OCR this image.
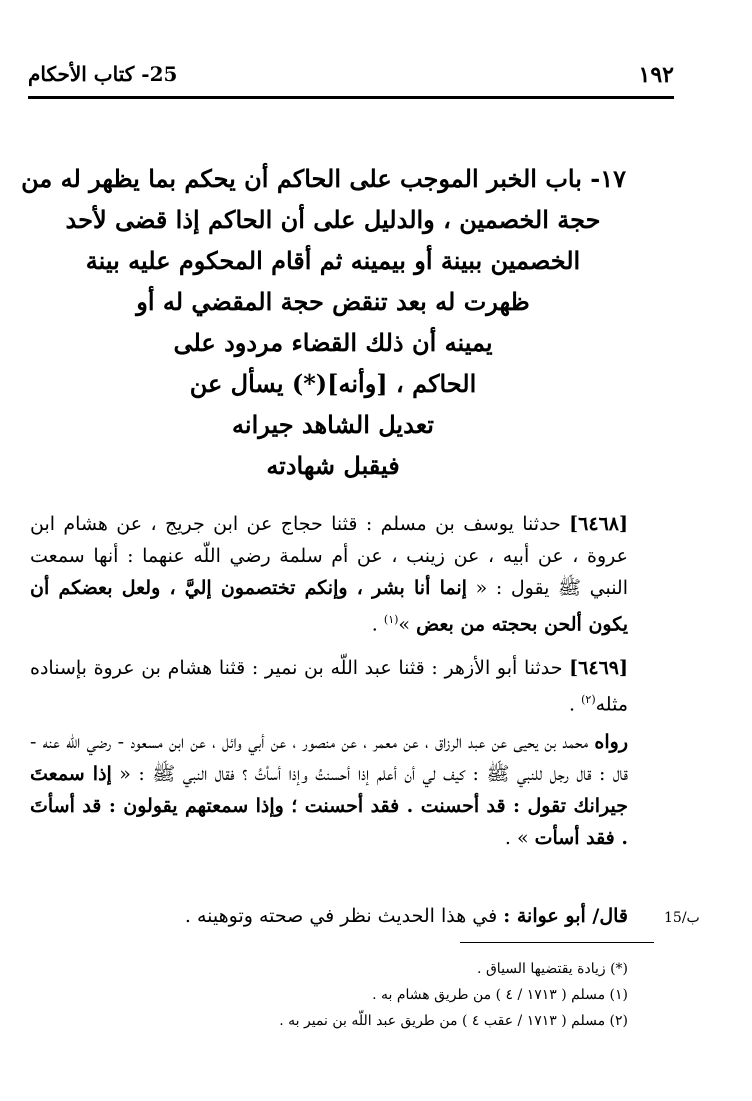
25- كتاب الأحكام	١٩٢
١٧- باب الخبر الموجب على الحاكم أن يحكم بما يظهر له من
حجة الخصمين ، والدليل على أن الحاكم إذا قضى لأحد
الخصمين ببينة أو بيمينه ثم أقام المحكوم عليه بينة
ظهرت له بعد تنقض حجة المقضي له أو
يمينه أن ذلك القضاء مردود على
الحاكم ، [وأنه](*) يسأل عن
تعديل الشاهد جيرانه
فيقبل شهادته
[٦٤٦٨] حدثنا يوسف بن مسلم : قثنا حجاج عن ابن جريج ، عن هشام ابن عروة ، عن أبيه ، عن زينب ، عن أم سلمة رضي اللّه عنهما : أنها سمعت النبي ﷺ يقول : « إنما أنا بشر ، وإنكم تختصمون إليَّ ، ولعل بعضكم أن يكون ألحن بحجته من بعض »$^{(١)}$ .
[٦٤٦٩] حدثنا أبو الأزهر : قثنا عبد اللّه بن نمير : قثنا هشام بن عروة بإسناده مثله$^{(٢)}$ .
رواه محمد بن يحيى عن عبد الرزاق ، عن معمر ، عن منصور ، عن أبي وائل ، عن ابن مسعود - رضي اللّه عنه - قال : قال رجل للنبي ﷺ : كيف لي أن أعلم إذا أحسنتُ وإذا أسأتُ ؟ فقال النبي ﷺ : « إذا سمعتَ جيرانك تقول : قد أحسنت . فقد أحسنت ؛ وإذا سمعتهم يقولون : قد أسأتَ . فقد أسأت » .
قال/ أبو عوانة : في هذا الحديث نظر في صحته وتوهينه .	15/ب
(*) زيادة يقتضيها السياق .
(١) مسلم ( ١٧١٣ / ٤ ) من طريق هشام به .
(٢) مسلم ( ١٧١٣ / عقب ٤ ) من طريق عبد اللّه بن نمير به .
